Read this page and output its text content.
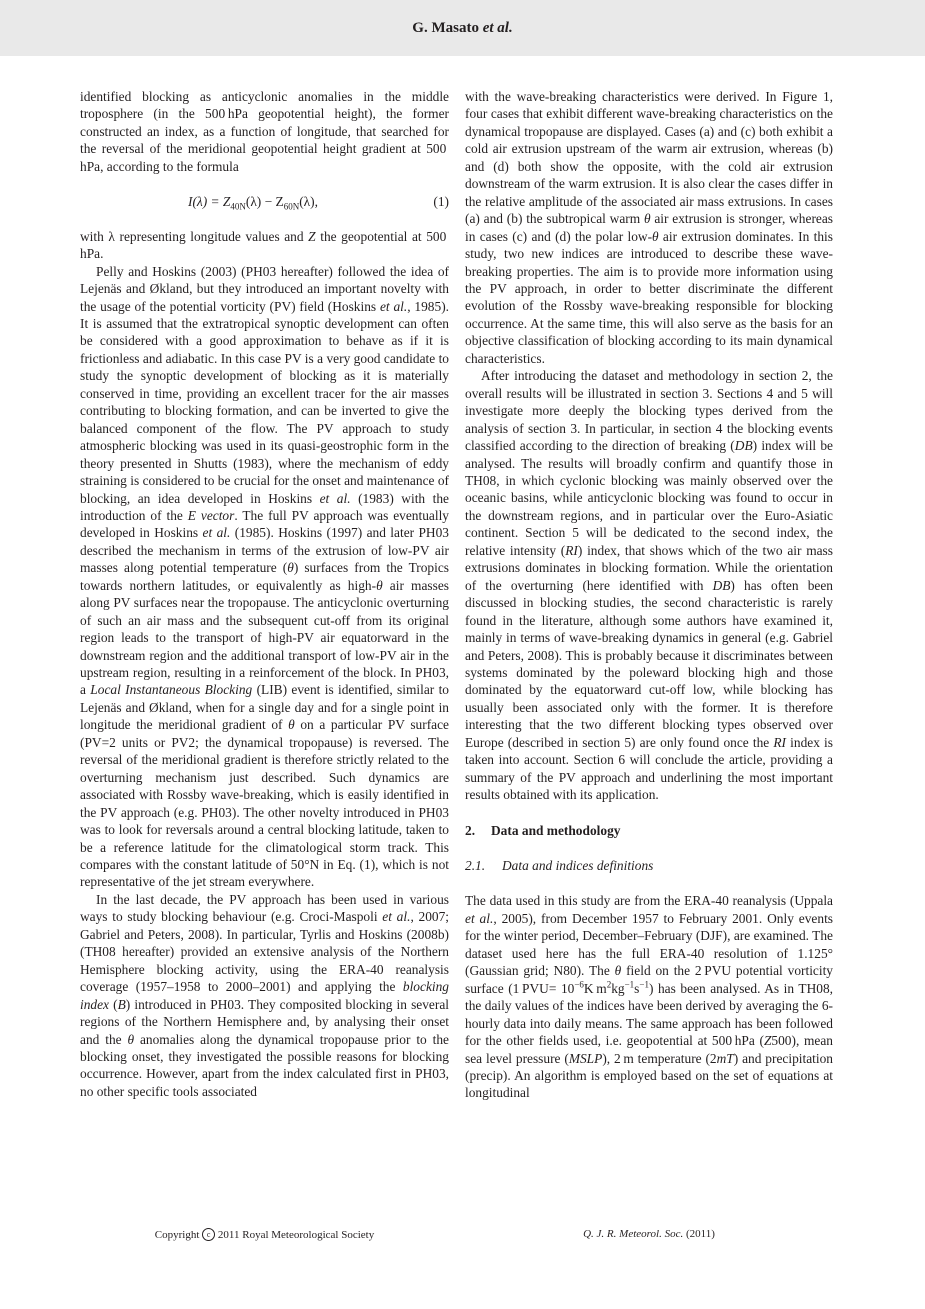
G. Masato et al.

identified blocking as anticyclonic anomalies in the middle troposphere (in the 500 hPa geopotential height), the former constructed an index, as a function of longitude, that searched for the reversal of the meridional geopotential height gradient at 500 hPa, according to the formula

$I(\lambda) = Z_{40N}(\lambda) - Z_{60N}(\lambda)$,	(1)

with λ representing longitude values and Z the geopotential at 500 hPa.

Pelly and Hoskins (2003) (PH03 hereafter) followed the idea of Lejenäs and Økland, but they introduced an important novelty with the usage of the potential vorticity (PV) field (Hoskins et al., 1985). It is assumed that the extratropical synoptic development can often be considered with a good approximation to behave as if it is frictionless and adiabatic. In this case PV is a very good candidate to study the synoptic development of blocking as it is materially conserved in time, providing an excellent tracer for the air masses contributing to blocking formation, and can be inverted to give the balanced component of the flow. The PV approach to study atmospheric blocking was used in its quasi-geostrophic form in the theory presented in Shutts (1983), where the mechanism of eddy straining is considered to be crucial for the onset and maintenance of blocking, an idea developed in Hoskins et al. (1983) with the introduction of the E vector. The full PV approach was eventually developed in Hoskins et al. (1985). Hoskins (1997) and later PH03 described the mechanism in terms of the extrusion of low-PV air masses along potential temperature (θ) surfaces from the Tropics towards northern latitudes, or equivalently as high-θ air masses along PV surfaces near the tropopause. The anticyclonic overturning of such an air mass and the subsequent cut-off from its original region leads to the transport of high-PV air equatorward in the downstream region and the additional transport of low-PV air in the upstream region, resulting in a reinforcement of the block. In PH03, a Local Instantaneous Blocking (LIB) event is identified, similar to Lejenäs and Økland, when for a single day and for a single point in longitude the meridional gradient of θ on a particular PV surface (PV=2 units or PV2; the dynamical tropopause) is reversed. The reversal of the meridional gradient is therefore strictly related to the overturning mechanism just described. Such dynamics are associated with Rossby wave-breaking, which is easily identified in the PV approach (e.g. PH03). The other novelty introduced in PH03 was to look for reversals around a central blocking latitude, taken to be a reference latitude for the climatological storm track. This compares with the constant latitude of 50°N in Eq. (1), which is not representative of the jet stream everywhere.

In the last decade, the PV approach has been used in various ways to study blocking behaviour (e.g. Croci-Maspoli et al., 2007; Gabriel and Peters, 2008). In particular, Tyrlis and Hoskins (2008b) (TH08 hereafter) provided an extensive analysis of the Northern Hemisphere blocking activity, using the ERA-40 reanalysis coverage (1957–1958 to 2000–2001) and applying the blocking index (B) introduced in PH03. They composited blocking in several regions of the Northern Hemisphere and, by analysing their onset and the θ anomalies along the dynamical tropopause prior to the blocking onset, they investigated the possible reasons for blocking occurrence. However, apart from the index calculated first in PH03, no other specific tools associated

with the wave-breaking characteristics were derived. In Figure 1, four cases that exhibit different wave-breaking characteristics on the dynamical tropopause are displayed. Cases (a) and (c) both exhibit a cold air extrusion upstream of the warm air extrusion, whereas (b) and (d) both show the opposite, with the cold air extrusion downstream of the warm extrusion. It is also clear the cases differ in the relative amplitude of the associated air mass extrusions. In cases (a) and (b) the subtropical warm θ air extrusion is stronger, whereas in cases (c) and (d) the polar low-θ air extrusion dominates. In this study, two new indices are introduced to describe these wave-breaking properties. The aim is to provide more information using the PV approach, in order to better discriminate the different evolution of the Rossby wave-breaking responsible for blocking occurrence. At the same time, this will also serve as the basis for an objective classification of blocking according to its main dynamical characteristics.

After introducing the dataset and methodology in section 2, the overall results will be illustrated in section 3. Sections 4 and 5 will investigate more deeply the blocking types derived from the analysis of section 3. In particular, in section 4 the blocking events classified according to the direction of breaking (DB) index will be analysed. The results will broadly confirm and quantify those in TH08, in which cyclonic blocking was mainly observed over the oceanic basins, while anticyclonic blocking was found to occur in the downstream regions, and in particular over the Euro-Asiatic continent. Section 5 will be dedicated to the second index, the relative intensity (RI) index, that shows which of the two air mass extrusions dominates in blocking formation. While the orientation of the overturning (here identified with DB) has often been discussed in blocking studies, the second characteristic is rarely found in the literature, although some authors have examined it, mainly in terms of wave-breaking dynamics in general (e.g. Gabriel and Peters, 2008). This is probably because it discriminates between systems dominated by the poleward blocking high and those dominated by the equatorward cut-off low, while blocking has usually been associated only with the former. It is therefore interesting that the two different blocking types observed over Europe (described in section 5) are only found once the RI index is taken into account. Section 6 will conclude the article, providing a summary of the PV approach and underlining the most important results obtained with its application.

2. Data and methodology
2.1. Data and indices definitions

The data used in this study are from the ERA-40 reanalysis (Uppala et al., 2005), from December 1957 to February 2001. Only events for the winter period, December–February (DJF), are examined. The dataset used here has the full ERA-40 resolution of 1.125° (Gaussian grid; N80). The θ field on the 2 PVU potential vorticity surface (1 $PVU= 10^{-6}K$ $m^2kg^{-1}s^{-1}$) has been analysed. As in TH08, the daily values of the indices have been derived by averaging the 6-hourly data into daily means. The same approach has been followed for the other fields used, i.e. geopotential at 500 hPa (Z500), mean sea level pressure (MSLP), 2 m temperature (2mT) and precipitation (precip). An algorithm is employed based on the set of equations at longitudinal

Copyright c 2011 Royal Meteorological Society	Q. J. R. Meteorol. Soc. (2011)
